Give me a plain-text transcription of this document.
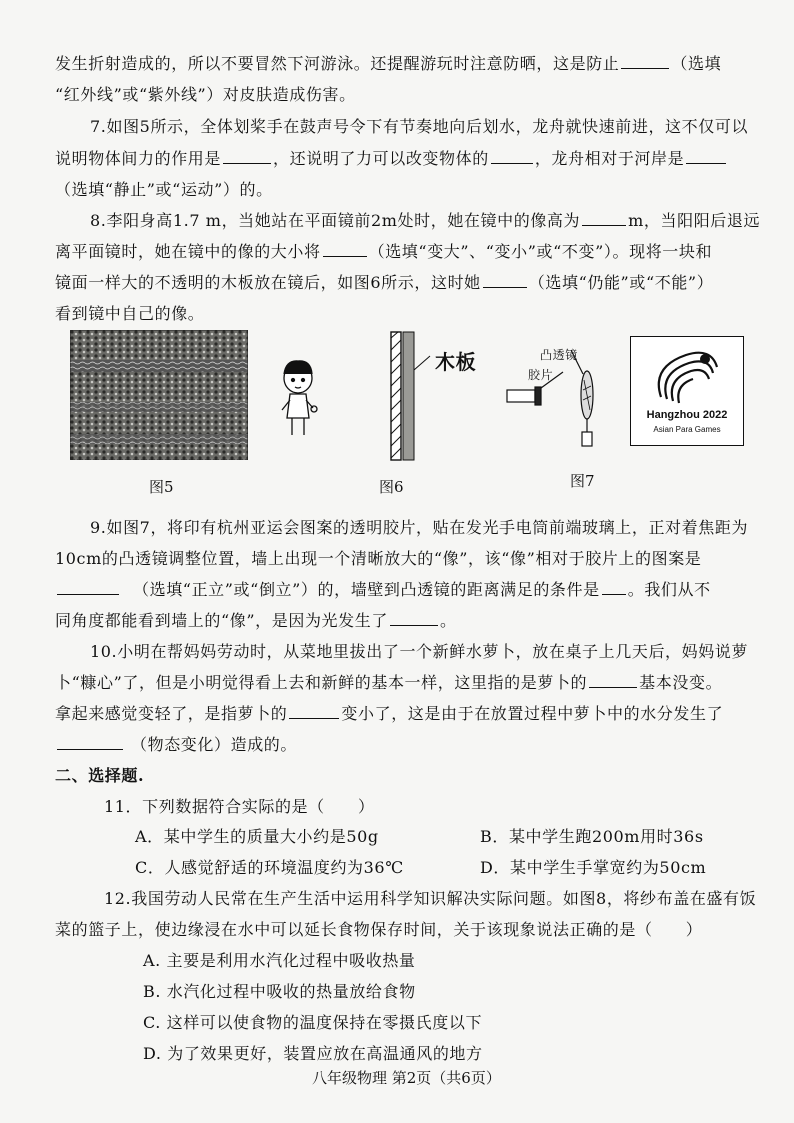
发生折射造成的，所以不要冒然下河游泳。还提醒游玩时注意防晒，这是防止	（选填
“红外线”或“紫外线”）对皮肤造成伤害。
7.如图5所示，全体划桨手在鼓声号令下有节奏地向后划水，龙舟就快速前进，这不仅可以
说明物体间力的作用是	，还说明了力可以改变物体的	，龙舟相对于河岸是
（选填“静止”或“运动”）的。
8.李阳身高1.7 m，当她站在平面镜前2m处时，她在镜中的像高为	m，当阳阳后退远
离平面镜时，她在镜中的像的大小将	（选填“变大”、“变小”或“不变”）。现将一块和
镜面一样大的不透明的木板放在镜后，如图6所示，这时她	（选填“仍能”或“不能”）
看到镜中自己的像。
图5
木板
图6
凸透镜
胶片
图7
Hangzhou 2022
Asian Para Games
9.如图7，将印有杭州亚运会图案的透明胶片，贴在发光手电筒前端玻璃上，正对着焦距为
10cm的凸透镜调整位置，墙上出现一个清晰放大的“像”，该“像”相对于胶片上的图案是
（选填“正立”或“倒立”）的，墙壁到凸透镜的距离满足的条件是 。我们从不
同角度都能看到墙上的“像”，是因为光发生了	。
10.小明在帮妈妈劳动时，从菜地里拔出了一个新鲜水萝卜，放在桌子上几天后，妈妈说萝
卜“糠心”了，但是小明觉得看上去和新鲜的基本一样，这里指的是萝卜的	基本没变。
拿起来感觉变轻了，是指萝卜的	变小了，这是由于在放置过程中萝卜中的水分发生了
（物态变化）造成的。
二、选择题.
11．下列数据符合实际的是（　　）
A．某中学生的质量大小约是50g	B．某中学生跑200m用时36s
C．人感觉舒适的环境温度约为36℃	D．某中学生手掌宽约为50cm
12.我国劳动人民常在生产生活中运用科学知识解决实际问题。如图8，将纱布盖在盛有饭
菜的篮子上，使边缘浸在水中可以延长食物保存时间，关于该现象说法正确的是（　　）
A. 主要是利用水汽化过程中吸收热量
B. 水汽化过程中吸收的热量放给食物
C. 这样可以使食物的温度保持在零摄氏度以下
D. 为了效果更好，装置应放在高温通风的地方
八年级物理 第2页（共6页）
